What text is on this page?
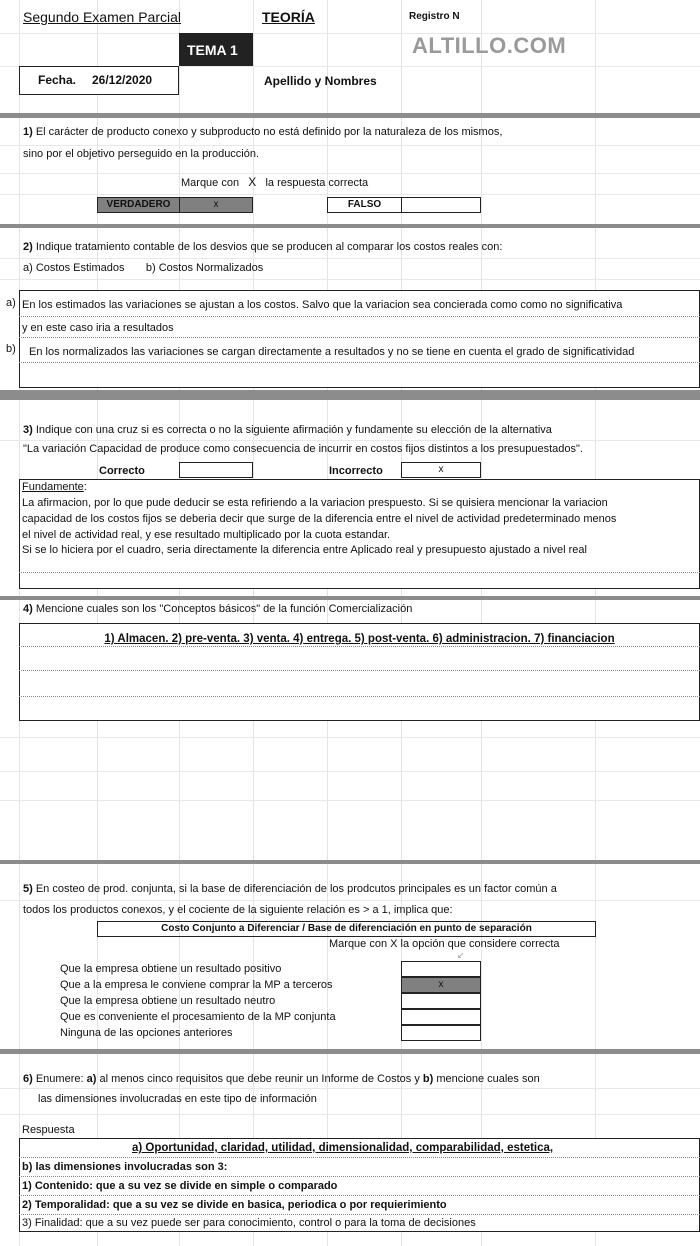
Segundo Examen Parcial	TEORÍA	Registro N
TEMA 1	ALTILLO.COM
Fecha. 26/12/2020	Apellido y Nombres
1) El carácter de producto conexo y subproducto no está definido por la naturaleza de los mismos,
sino por el objetivo perseguido en la producción.
Marque con X la respuesta correcta
VERDADERO	x	FALSO
2) Indique tratamiento contable de los desvios que se producen al comparar los costos reales con:
a) Costos Estimados       b) Costos Normalizados
a) En los estimados las variaciones se ajustan a los costos. Salvo que la variacion sea concierada como como no significativa
y en este caso iria a resultados
b) En los normalizados las variaciones se cargan directamente a resultados y no se tiene en cuenta el grado de significatividad
3) Indique con una cruz si es correcta o no la siguiente afirmación y fundamente su elección de la alternativa
"La variación Capacidad de produce como consecuencia de incurrir en costos fijos distintos a los presupuestados".
Correcto	Incorrecto	x
Fundamente:
La afirmacion, por lo que pude deducir se esta refiriendo a la variacion prespuesto. Si se quisiera mencionar la variacion
capacidad de los costos fijos se deberia decir que surge de la diferencia entre el nivel de actividad predeterminado menos
el nivel de actividad real, y ese resultado multiplicado por la cuota estandar.
Si se lo hiciera por el cuadro, seria directamente la diferencia entre Aplicado real y presupuesto ajustado a nivel real
4) Mencione cuales son los "Conceptos básicos" de la función Comercialización
1) Almacen. 2) pre-venta. 3) venta. 4) entrega. 5) post-venta. 6) administracion. 7) financiacion
5) En costeo de prod. conjunta, si la base de diferenciación de los prodcutos principales es un factor común a
todos los productos conexos, y el cociente de la siguiente relación es > a 1, implica que:
Costo Conjunto a Diferenciar / Base de diferenciación en punto de separación
Marque con X la opción que considere correcta
↙
Que la empresa obtiene un resultado positivo
Que a la empresa le conviene comprar la MP a terceros	x
Que la empresa obtiene un resultado neutro
Que es conveniente el procesamiento de la MP conjunta
Ninguna de las opciones anteriores
6) Enumere: a) al menos cinco requisitos que debe reunir un Informe de Costos y b) mencione cuales son
las dimensiones involucradas en este tipo de información
Respuesta
a) Oportunidad, claridad, utilidad, dimensionalidad, comparabilidad, estetica,
b) las dimensiones involucradas son 3:
1) Contenido: que a su vez se divide en simple o comparado
2) Temporalidad: que a su vez se divide en basica, periodica o por requierimiento
3) Finalidad: que a su vez puede ser para conocimiento, control o para la toma de decisiones
